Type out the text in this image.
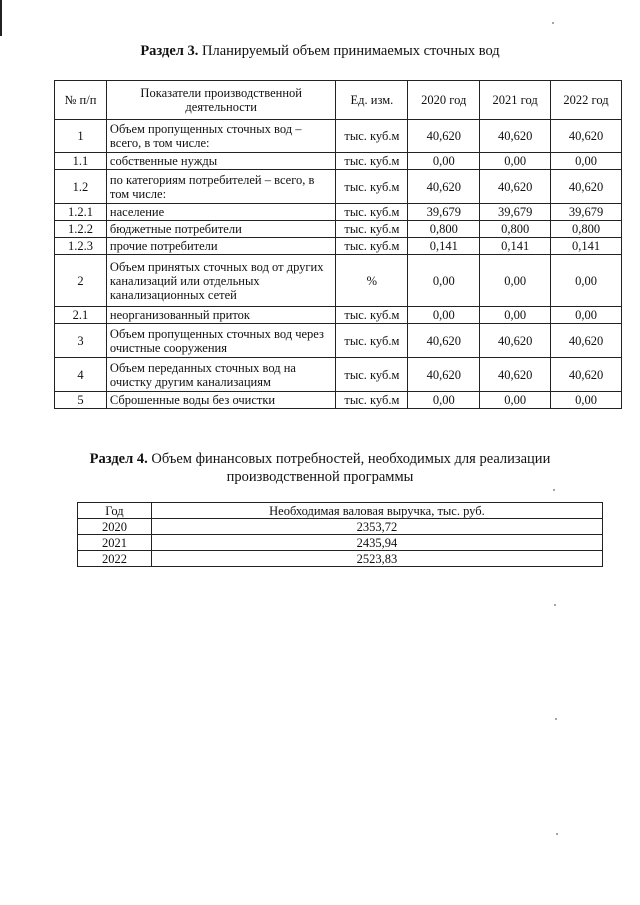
Раздел 3. Планируемый объем принимаемых сточных вод
№ п/п	Показатели производственной деятельности	Ед. изм.	2020 год	2021 год	2022 год
1	Объем пропущенных сточных вод – всего, в том числе:	тыс. куб.м	40,620	40,620	40,620
1.1	собственные нужды	тыс. куб.м	0,00	0,00	0,00
1.2	по категориям потребителей – всего, в том числе:	тыс. куб.м	40,620	40,620	40,620
1.2.1	население	тыс. куб.м	39,679	39,679	39,679
1.2.2	бюджетные потребители	тыс. куб.м	0,800	0,800	0,800
1.2.3	прочие потребители	тыс. куб.м	0,141	0,141	0,141
2	Объем принятых сточных вод от других канализаций или отдельных канализационных сетей	%	0,00	0,00	0,00
2.1	неорганизованный приток	тыс. куб.м	0,00	0,00	0,00
3	Объем пропущенных сточных вод через очистные сооружения	тыс. куб.м	40,620	40,620	40,620
4	Объем переданных сточных вод на очистку другим канализациям	тыс. куб.м	40,620	40,620	40,620
5	Сброшенные воды без очистки	тыс. куб.м	0,00	0,00	0,00
Раздел 4. Объем финансовых потребностей, необходимых для реализации
производственной программы
Год	Необходимая валовая выручка, тыс. руб.
2020	2353,72
2021	2435,94
2022	2523,83
